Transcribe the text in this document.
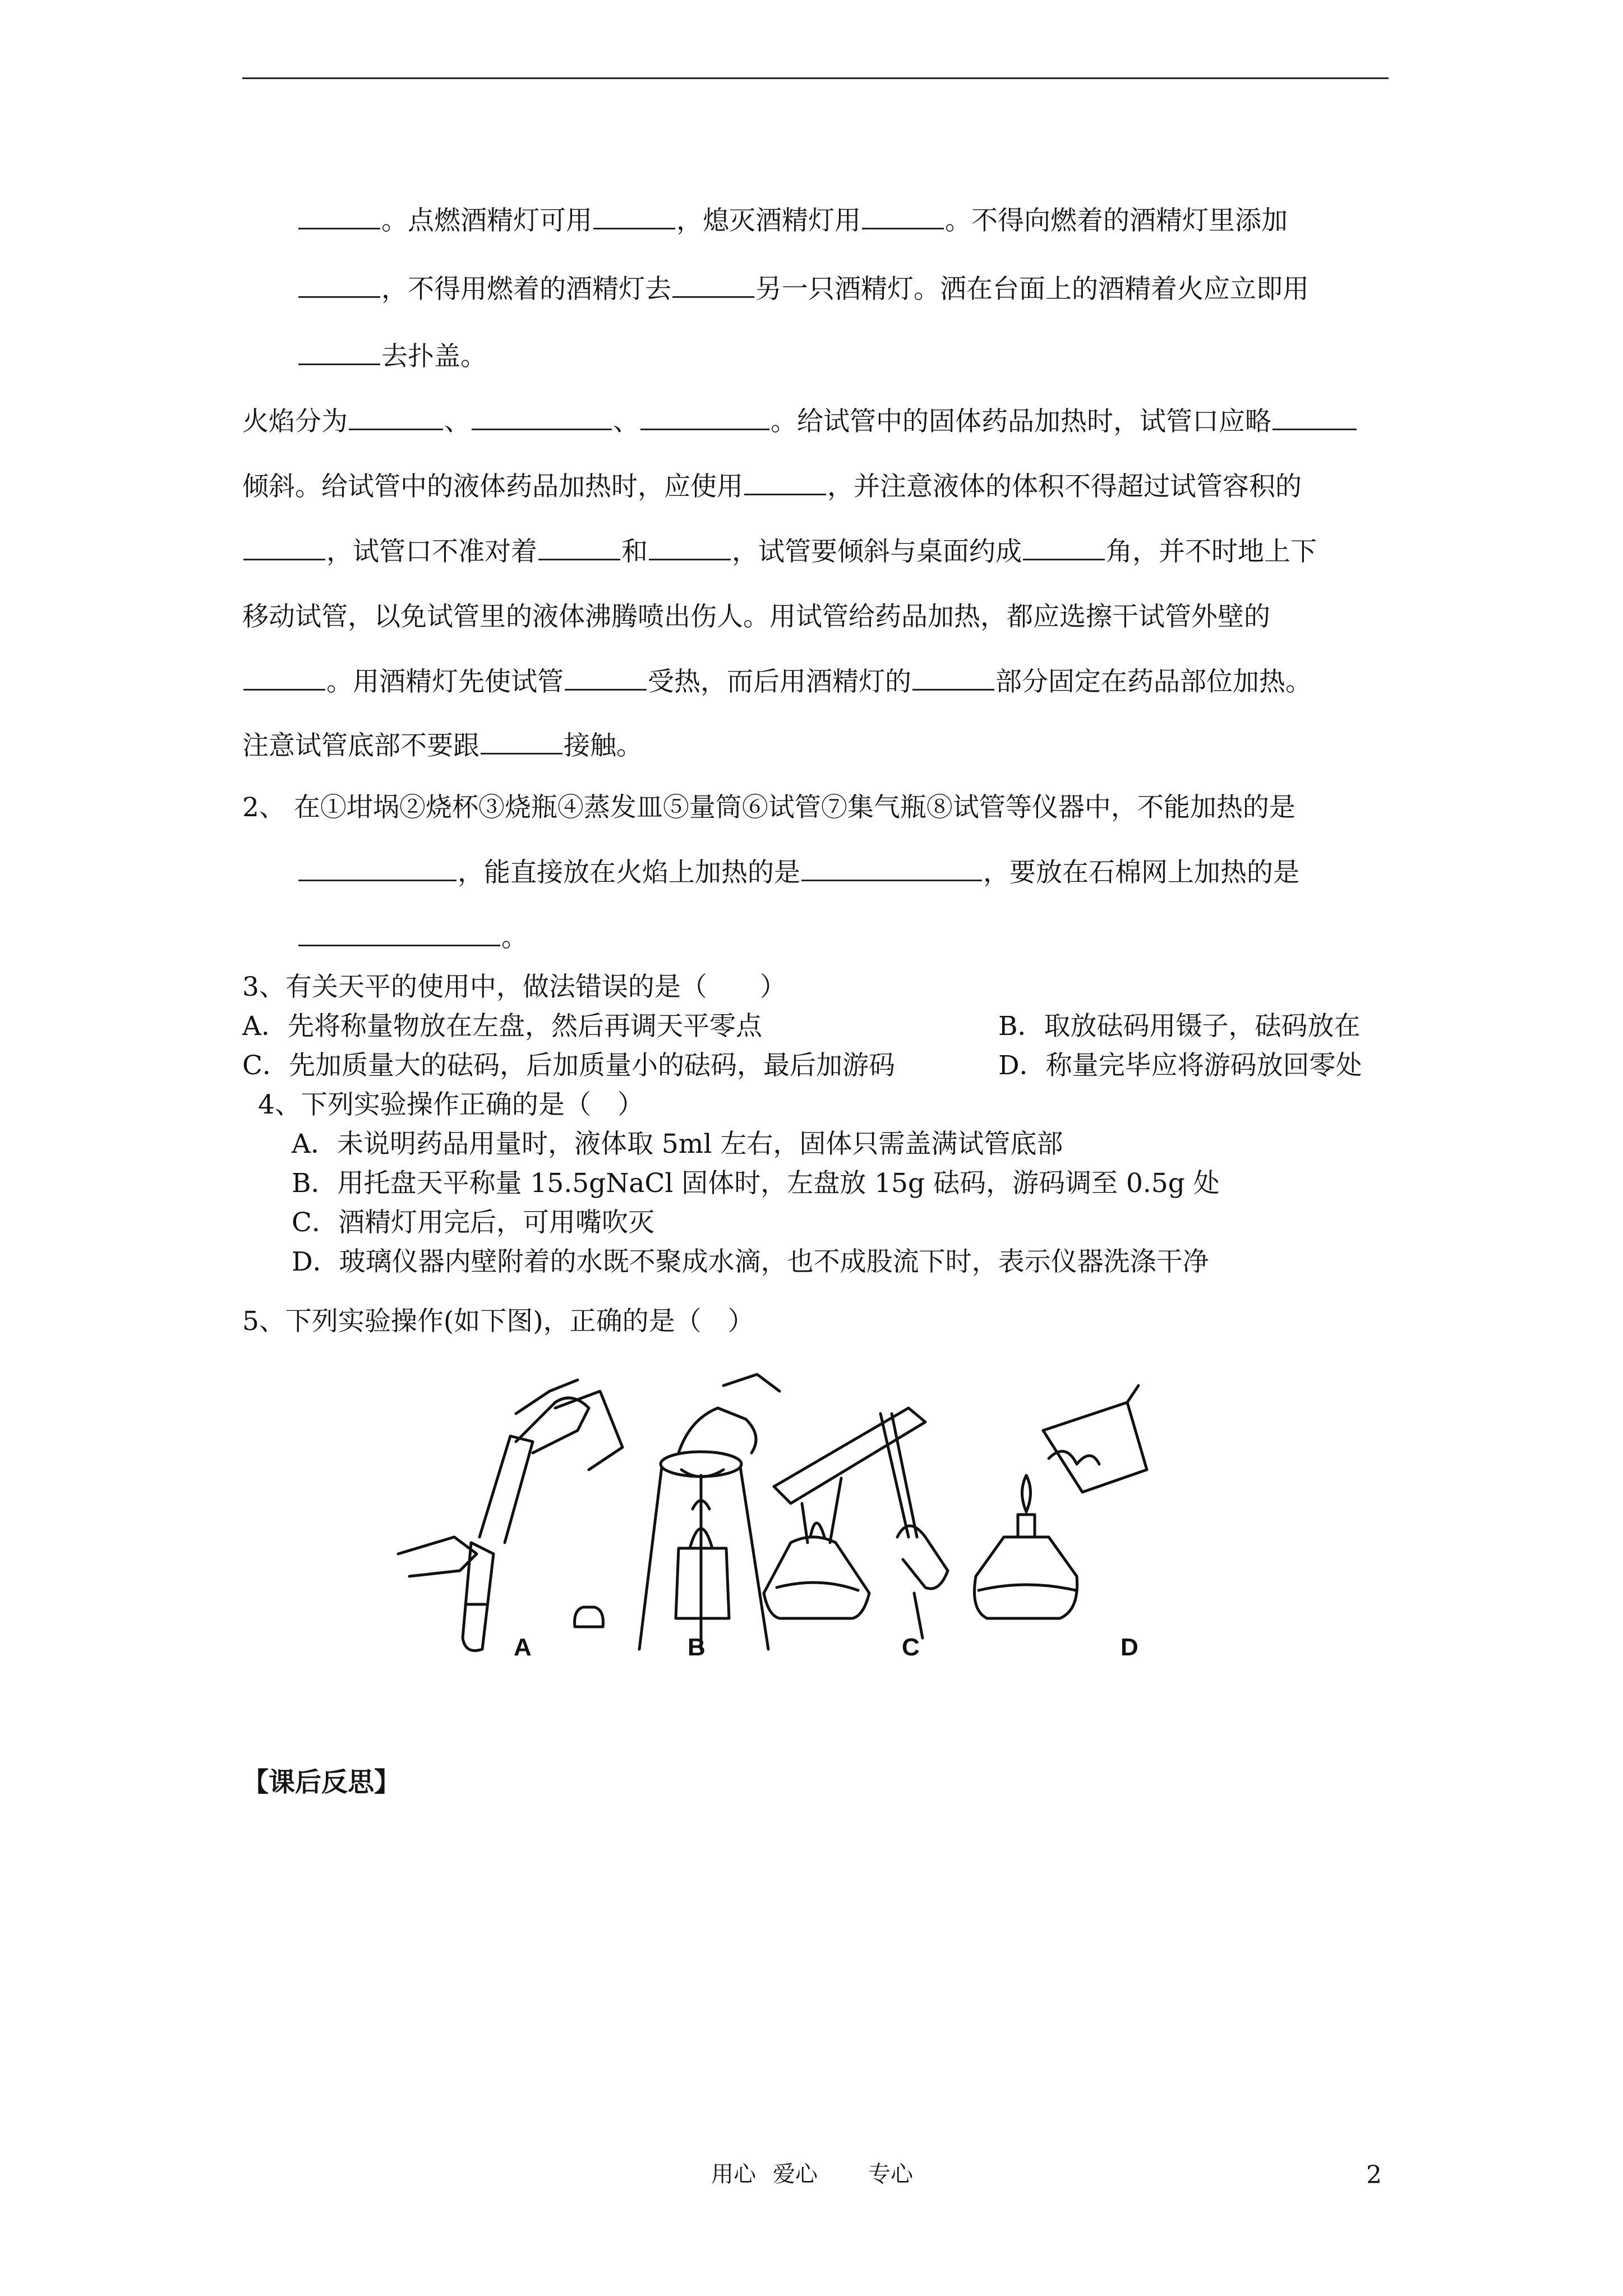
。点燃酒精灯可用	，熄灭酒精灯用	。不得向燃着的酒精灯里添加
，不得用燃着的酒精灯去	另一只酒精灯。洒在台面上的酒精着火应立即用
去扑盖。
火焰分为	、	、	。给试管中的固体药品加热时，试管口应略
倾斜。给试管中的液体药品加热时，应使用	，并注意液体的体积不得超过试管容积的
，试管口不准对着	和	，试管要倾斜与桌面约成	角，并不时地上下
移动试管，以免试管里的液体沸腾喷出伤人。用试管给药品加热，都应选擦干试管外壁的
。用酒精灯先使试管	受热，而后用酒精灯的	部分固定在药品部位加热。
注意试管底部不要跟	接触。
2、 在①坩埚②烧杯③烧瓶④蒸发皿⑤量筒⑥试管⑦集气瓶⑧试管等仪器中，不能加热的是
，能直接放在火焰上加热的是	，要放在石棉网上加热的是
。
3、有关天平的使用中，做法错误的是（　　）
A．先将称量物放在左盘，然后再调天平零点	B．取放砝码用镊子，砝码放在
C．先加质量大的砝码，后加质量小的砝码，最后加游码	D．称量完毕应将游码放回零处
4、下列实验操作正确的是（　）
A．未说明药品用量时，液体取 5ml 左右，固体只需盖满试管底部
B．用托盘天平称量 15.5gNaCl 固体时，左盘放 15g 砝码，游码调至 0.5g 处
C．酒精灯用完后，可用嘴吹灭
D．玻璃仪器内壁附着的水既不聚成水滴，也不成股流下时，表示仪器洗涤干净
5、下列实验操作(如下图)，正确的是（　）
A	B	C	D
【课后反思】
用心 爱心 专心	2
